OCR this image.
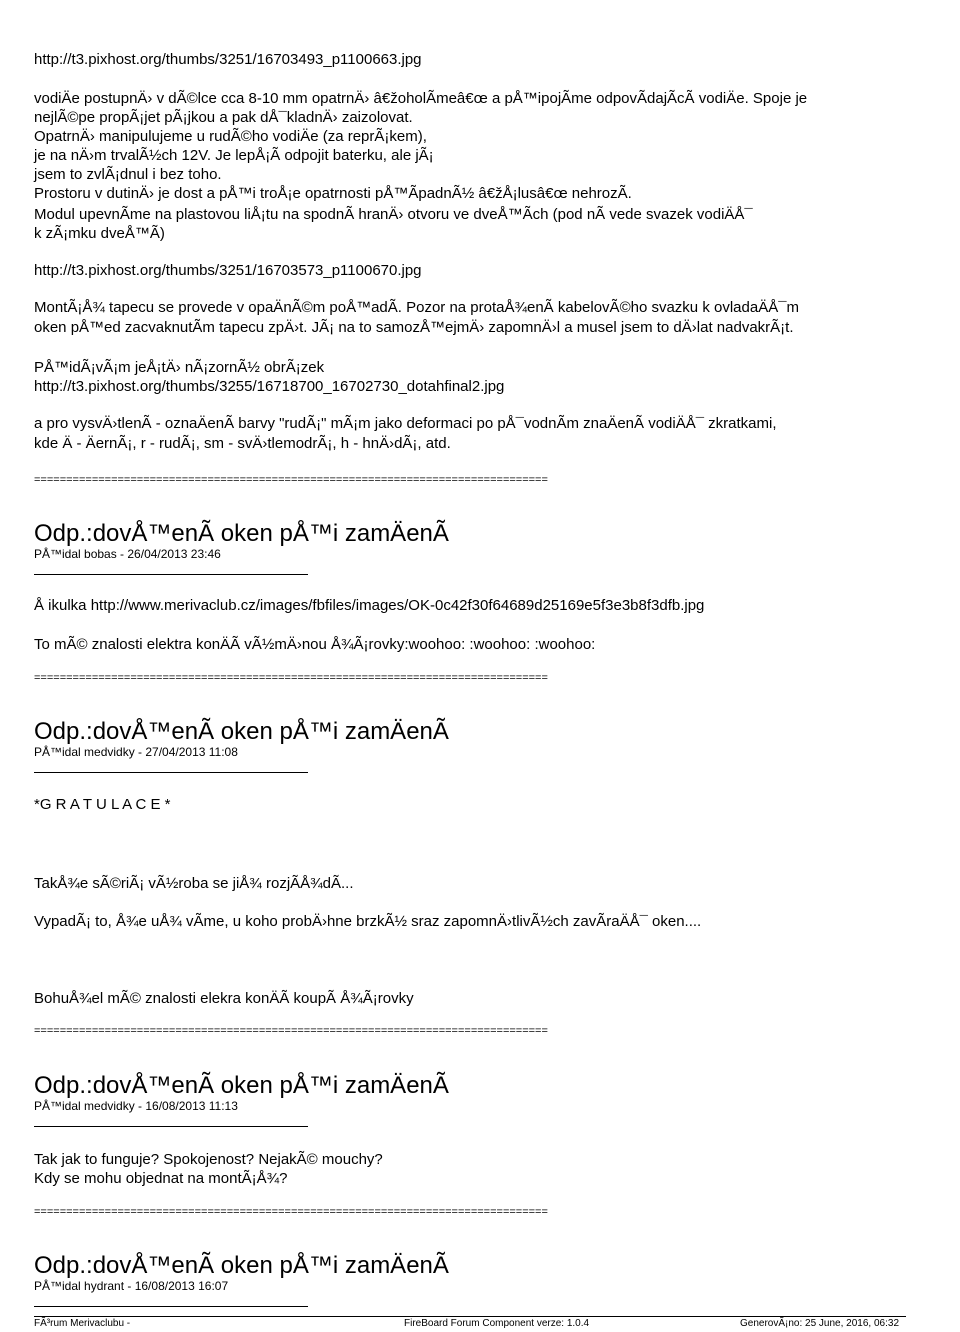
http://t3.pixhost.org/thumbs/3251/16703493_p1100663.jpg
vodiÄe postupnÄ› v dÃ©lce cca 8-10 mm opatrnÄ› â€žoholÃmeâ€œ a pÅ™ipojÃme odpovÃdajÃcÃ vodiÄe. Spoje je
nejlÃ©pe propÃ¡jet pÃ¡jkou a pak dÅ¯kladnÄ› zaizolovat.
OpatrnÄ› manipulujeme u rudÃ©ho vodiÄe (za reprÃ¡kem),
je na nÄ›m trvalÃ½ch 12V. Je lepÅ¡Ã odpojit baterku, ale jÃ¡
jsem to zvlÃ¡dnul i bez toho.
Prostoru v dutinÄ› je dost a pÅ™i troÅ¡e opatrnosti pÅ™ÃpadnÃ½ â€žÅ¡lusâ€œ nehrozÃ.
Modul upevnÃme na plastovou liÅ¡tu na spodnÃ hranÄ› otvoru ve dveÅ™Ãch (pod nÃ vede svazek vodiÄÅ¯
k zÃ¡mku dveÅ™Ã)
http://t3.pixhost.org/thumbs/3251/16703573_p1100670.jpg
MontÃ¡Å¾ tapecu se provede v opaÄnÃ©m poÅ™adÃ. Pozor na protaÅ¾enÃ kabelovÃ©ho svazku k ovladaÄÅ¯m
oken pÅ™ed zacvaknutÃm tapecu zpÄ›t. JÃ¡ na to samozÅ™ejmÄ› zapomnÄ›l a musel jsem to dÄ›lat nadvakrÃ¡t.
PÅ™idÃ¡vÃ¡m jeÅ¡tÄ› nÃ¡zornÃ½ obrÃ¡zek
http://t3.pixhost.org/thumbs/3255/16718700_16702730_dotahfinal2.jpg
a pro vysvÄ›tlenÃ - oznaÄenÃ barvy "rudÃ¡" mÃ¡m jako deformaci po pÅ¯vodnÃm znaÄenÃ vodiÄÅ¯ zkratkami,
kde Ä - ÄernÃ¡, r - rudÃ¡, sm - svÄ›tlemodrÃ¡, h - hnÄ›dÃ¡, atd.
================================================================================
Odp.:dovÅ™enÃ oken pÅ™i zamÄenÃ
PÅ™idal bobas - 26/04/2013 23:46
Å ikulka http://www.merivaclub.cz/images/fbfiles/images/OK-0c42f30f64689d25169e5f3e3b8f3dfb.jpg
To mÃ© znalosti elektra konÄÃ vÃ½mÄ›nou Å¾Ã¡rovky:woohoo: :woohoo: :woohoo:
================================================================================
Odp.:dovÅ™enÃ oken pÅ™i zamÄenÃ
PÅ™idal medvidky - 27/04/2013 11:08
*G R A T U L A C E *
TakÅ¾e sÃ©riÃ¡ vÃ½roba se jiÅ¾ rozjÃÅ¾dÃ...
VypadÃ¡ to, Å¾e uÅ¾ vÃme, u koho probÄ›hne brzkÃ½ sraz zapomnÄ›tlivÃ½ch zavÃraÄÅ¯ oken....
BohuÅ¾el mÃ© znalosti elekra konÄÃ koupÃ Å¾Ã¡rovky
================================================================================
Odp.:dovÅ™enÃ oken pÅ™i zamÄenÃ
PÅ™idal medvidky - 16/08/2013 11:13
Tak jak to funguje? Spokojenost? NejakÃ© mouchy?
Kdy se mohu objednat na montÃ¡Å¾?
================================================================================
Odp.:dovÅ™enÃ oken pÅ™i zamÄenÃ
PÅ™idal hydrant - 16/08/2013 16:07
FÃ³rum Merivaclubu -	FireBoard Forum Component verze: 1.0.4	GenerovÃ¡no: 25 June, 2016, 06:32
